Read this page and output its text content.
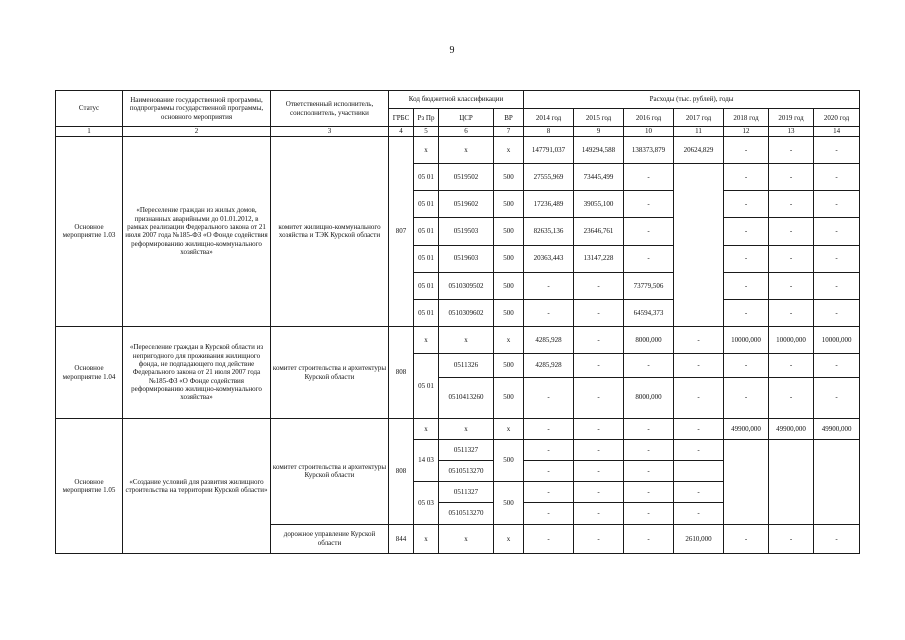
9
Статус	Наименование государственной программы, подпрограммы государственной программы, основного мероприятия	Ответственный исполнитель, соисполнитель, участники	Код бюджетной классификации				Расходы (тыс. рублей), годы						
			ГРБС	Рз Пр	ЦСР	ВР	2014 год	2015 год	2016 год	2017 год	2018 год	2019 год	2020 год
1	2	3	4	5	6	7	8	9	10	11	12	13	14
Основное мероприятие 1.03	«Переселение граждан из жилых домов, признанных аварийными до 01.01.2012, в рамках реализации Федерального закона от 21 июля 2007 года №185-ФЗ «О Фонде содействия реформированию жилищно-коммунального хозяйства»	комитет жилищно-коммунального хозяйства и ТЭК Курской области	807	х	х	х	147791,037	149294,588	138373,879	20624,829	-	-	-
				05 01	0519502	500	27555,969	73445,499	-		-	-	-
				05 01	0519602	500	17236,489	39055,100	-		-	-	-
				05 01	0519503	500	82635,136	23646,761	-		-	-	-
				05 01	0519603	500	20363,443	13147,228	-		-	-	-
				05 01	0510309502	500	-	-	73779,506		-	-	-
				05 01	0510309602	500	-	-	64594,373		-	-	-
Основное мероприятие 1.04	«Переселение граждан в Курской области из непригодного для проживания жилищного фонда, не подпадающего под действие Федерального закона от 21 июля 2007 года №185-ФЗ «О Фонде содействия реформированию жилищно-коммунального хозяйства»	комитет строительства и архитектуры Курской области	808	х	х	х	4285,928	-	8000,000	-	10000,000	10000,000	10000,000
				05 01	0511326	500	4285,928	-	-	-	-	-	-
					0510413260	500	-	-	8000,000	-	-	-	-
Основное мероприятие 1.05	«Создание условий для развития жилищного строительства на территории Курской области»	комитет строительства и архитектуры Курской области	808	х	х	х	-	-	-	-	49900,000	49900,000	49900,000
				14 03	0511327	500	-	-	-	-			
					0510513270		-	-	-				
				05 03	0511327	500	-	-	-	-			
					0510513270		-	-	-	-			
		дорожное управление Курской области	844	х	х	х	-	-	-	2610,000	-	-	-
